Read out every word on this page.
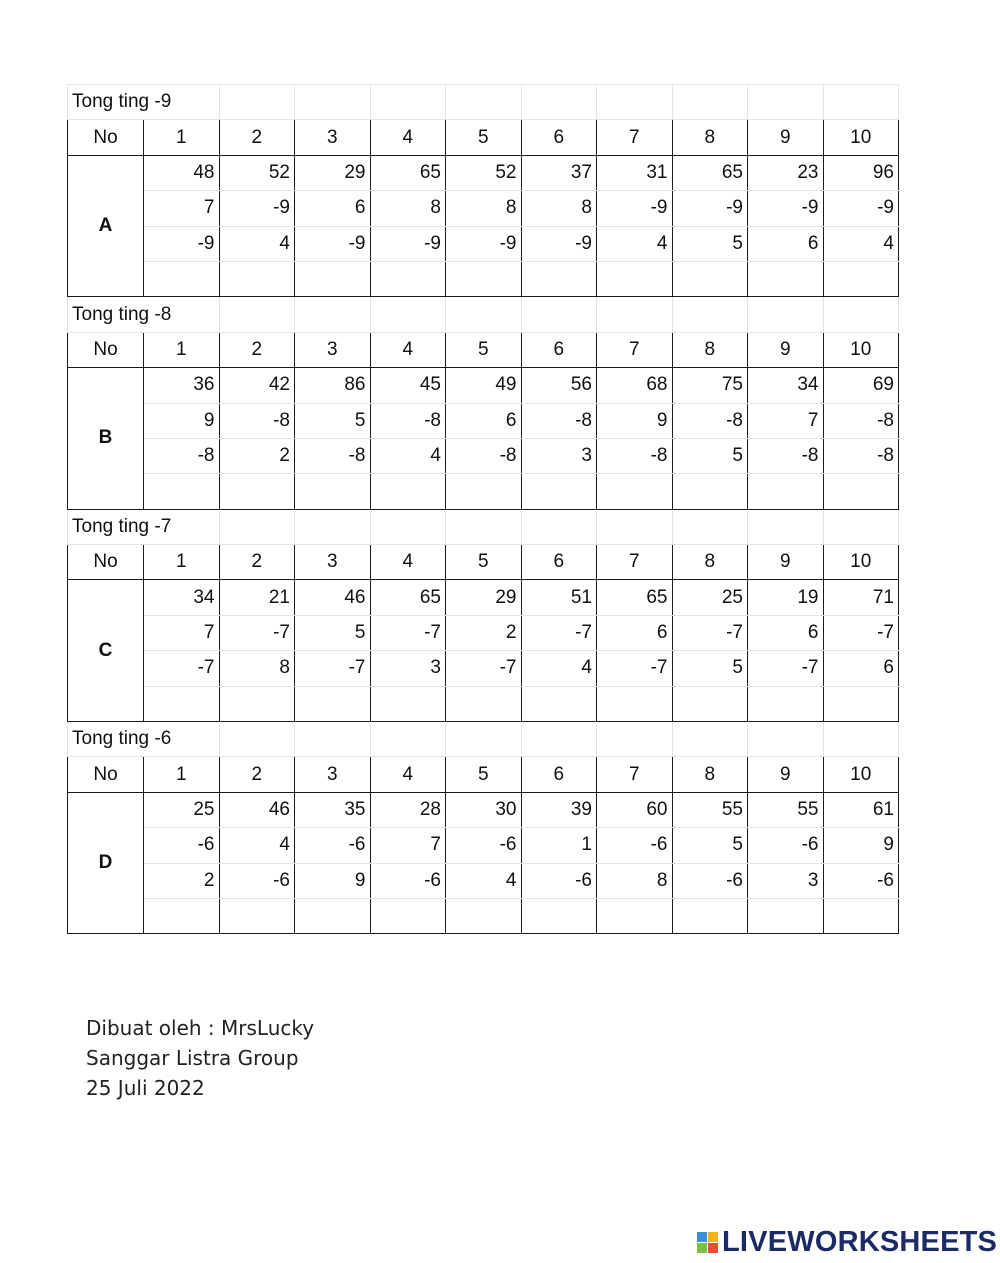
Tong ting -9										
No	1	2	3	4	5	6	7	8	9	10
A	48	52	29	65	52	37	31	65	23	96
	7	-9	6	8	8	8	-9	-9	-9	-9
	-9	4	-9	-9	-9	-9	4	5	6	4

Tong ting -8										
No	1	2	3	4	5	6	7	8	9	10
B	36	42	86	45	49	56	68	75	34	69
	9	-8	5	-8	6	-8	9	-8	7	-8
	-8	2	-8	4	-8	3	-8	5	-8	-8

Tong ting -7										
No	1	2	3	4	5	6	7	8	9	10
C	34	21	46	65	29	51	65	25	19	71
	7	-7	5	-7	2	-7	6	-7	6	-7
	-7	8	-7	3	-7	4	-7	5	-7	6

Tong ting -6										
No	1	2	3	4	5	6	7	8	9	10
D	25	46	35	28	30	39	60	55	55	61
	-6	4	-6	7	-6	1	-6	5	-6	9
	2	-6	9	-6	4	-6	8	-6	3	-6

Dibuat oleh : MrsLucky
Sanggar Listra Group
25 Juli 2022
LIVEWORKSHEETS
